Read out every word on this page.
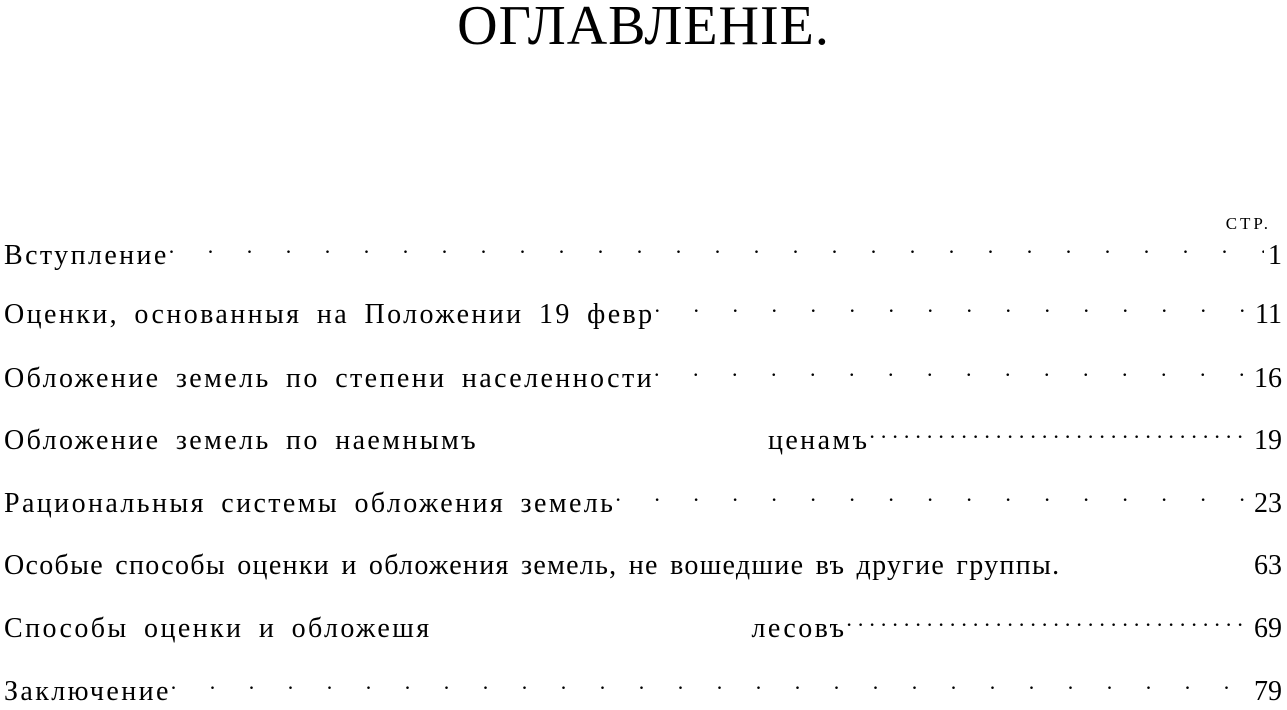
ОГЛАВЛЕНІЕ.
СТР.
Вступление . . .	1
Оценки, основанныя на Положении 19 февр . . .	11
Обложение земель по степени населенности . . .	16
Обложение земель по наемнымъ	ценамъ .....	19
Рациональныя системы обложения земель . . .	23
Особые способы оценки и обложения земель, не вошедшие въ другие группы.	63
Способы оценки и обложешя	лесовъ .....	69
Заключение . . .	79
